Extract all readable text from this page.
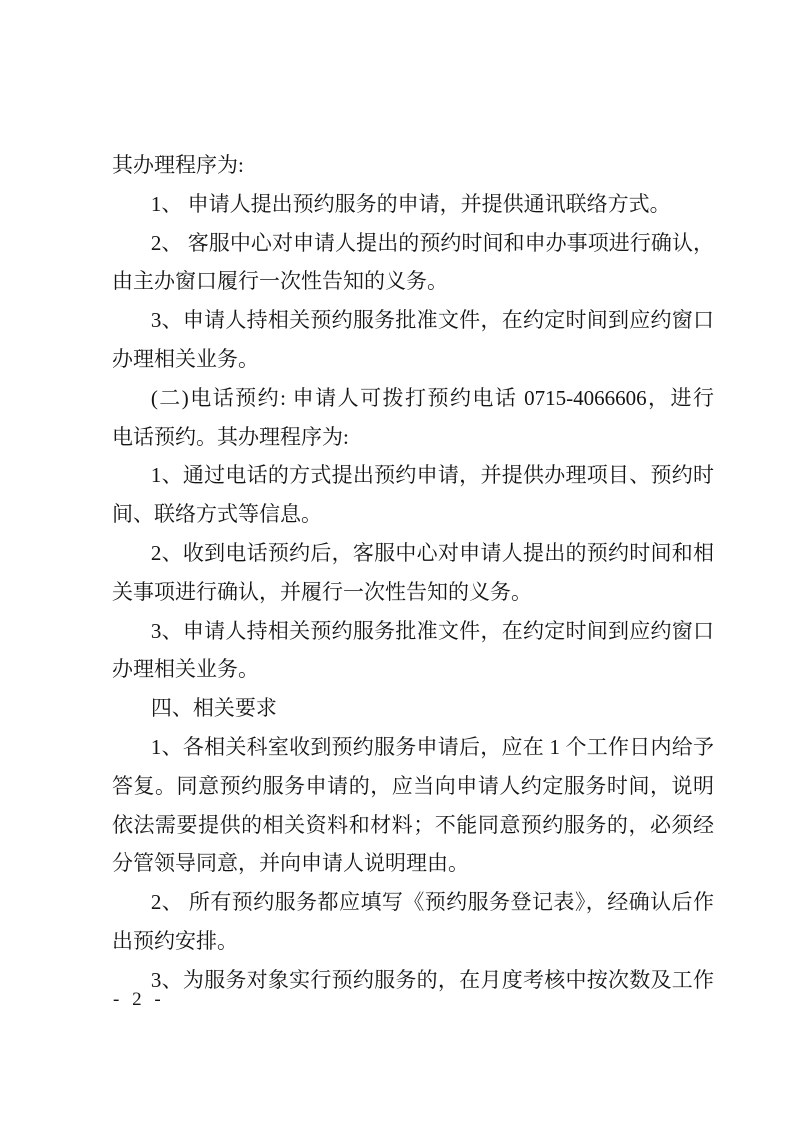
其办理程序为:
1、 申请人提出预约服务的申请，并提供通讯联络方式。
2、 客服中心对申请人提出的预约时间和申办事项进行确认，
由主办窗口履行一次性告知的义务。
3、申请人持相关预约服务批准文件，在约定时间到应约窗口
办理相关业务。
(二)电话预约: 申请人可拨打预约电话 0715-4066606，进行
电话预约。其办理程序为:
1、通过电话的方式提出预约申请，并提供办理项目、预约时
间、联络方式等信息。
2、收到电话预约后，客服中心对申请人提出的预约时间和相
关事项进行确认，并履行一次性告知的义务。
3、申请人持相关预约服务批准文件，在约定时间到应约窗口
办理相关业务。
四、相关要求
1、各相关科室收到预约服务申请后，应在 1 个工作日内给予
答复。同意预约服务申请的，应当向申请人约定服务时间，说明
依法需要提供的相关资料和材料；不能同意预约服务的，必须经
分管领导同意，并向申请人说明理由。
2、 所有预约服务都应填写《预约服务登记表》，经确认后作
出预约安排。
3、为服务对象实行预约服务的，在月度考核中按次数及工作
- 2 -
